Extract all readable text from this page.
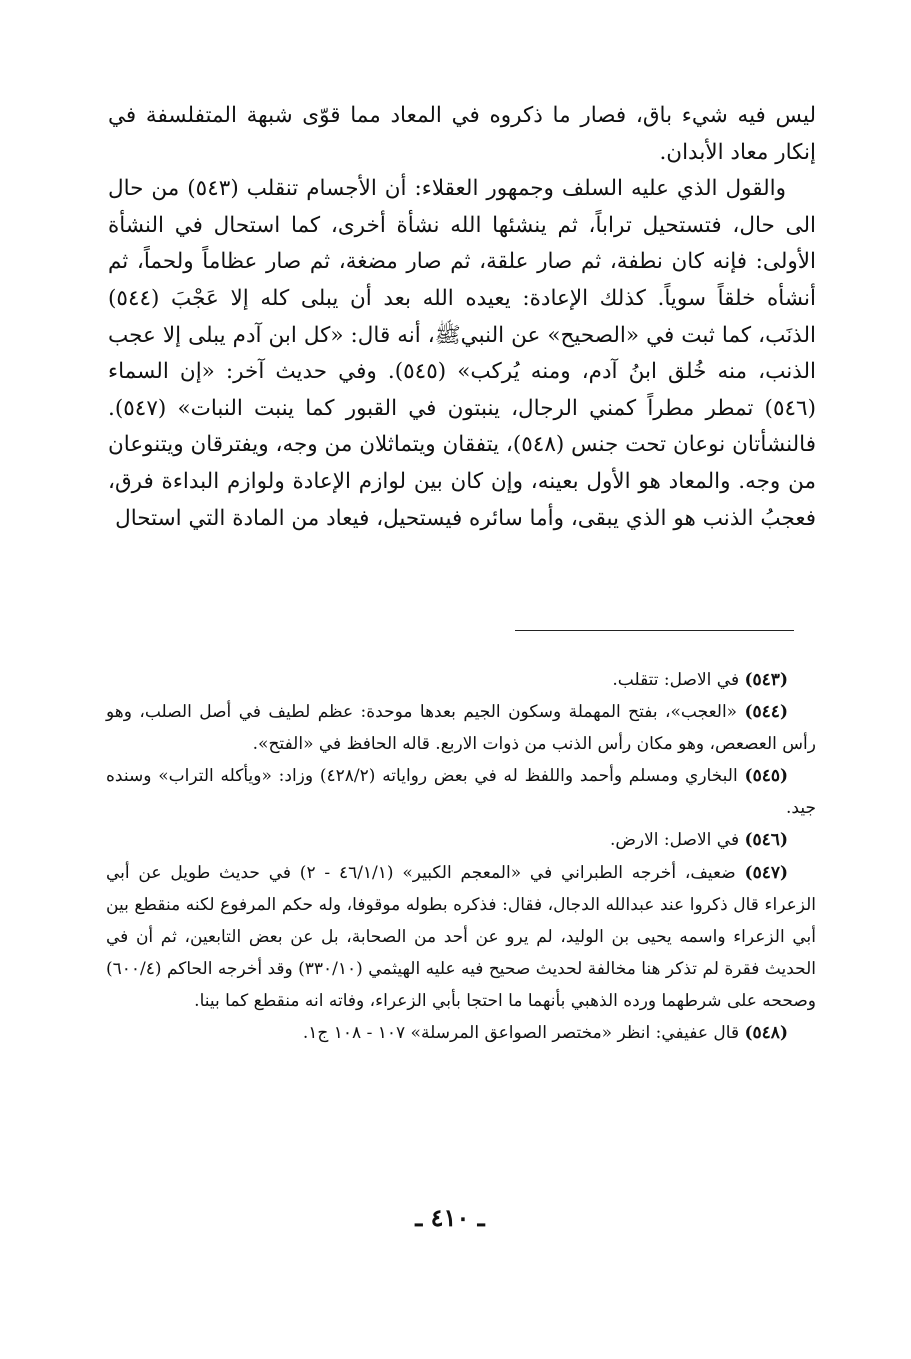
ليس فيه شيء باق، فصار ما ذكروه في المعاد مما قوّى شبهة المتفلسفة في إنكار معاد الأبدان.

والقول الذي عليه السلف وجمهور العقلاء: أن الأجسام تنقلب (٥٤٣) من حال الى حال، فتستحيل تراباً، ثم ينشئها الله نشأة أخرى، كما استحال في النشأة الأولى: فإنه كان نطفة، ثم صار علقة، ثم صار مضغة، ثم صار عظاماً ولحماً، ثم أنشأه خلقاً سوياً. كذلك الإعادة: يعيده الله بعد أن يبلى كله إلا عَجْبَ (٥٤٤) الذنَب، كما ثبت في «الصحيح» عن النبيﷺ، أنه قال: «كل ابن آدم يبلى إلا عجب الذنب، منه خُلق ابنُ آدم، ومنه يُركب» (٥٤٥). وفي حديث آخر: «إن السماء (٥٤٦) تمطر مطراً كمني الرجال، ينبتون في القبور كما ينبت النبات» (٥٤٧). فالنشأتان نوعان تحت جنس (٥٤٨)، يتفقان ويتماثلان من وجه، ويفترقان ويتنوعان من وجه. والمعاد هو الأول بعينه، وإن كان بين لوازم الإعادة ولوازم البداءة فرق، فعجبُ الذنب هو الذي يبقى، وأما سائره فيستحيل، فيعاد من المادة التي استحال

(٥٤٣) في الاصل: تتقلب.

(٥٤٤) «العجب»، بفتح المهملة وسكون الجيم بعدها موحدة: عظم لطيف في أصل الصلب، وهو رأس العصعص، وهو مكان رأس الذنب من ذوات الاربع. قاله الحافظ في «الفتح».

(٥٤٥) البخاري ومسلم وأحمد واللفظ له في بعض رواياته (٤٢٨/٢) وزاد: «ويأكله التراب» وسنده جيد.

(٥٤٦) في الاصل: الارض.

(٥٤٧) ضعيف، أخرجه الطبراني في «المعجم الكبير» (٤٦/١/١ - ٢) في حديث طويل عن أبي الزعراء قال ذكروا عند عبدالله الدجال، فقال: فذكره بطوله موقوفا، وله حكم المرفوع لكنه منقطع بين أبي الزعراء واسمه يحيى بن الوليد، لم يرو عن أحد من الصحابة، بل عن بعض التابعين، ثم أن في الحديث فقرة لم تذكر هنا مخالفة لحديث صحيح فيه عليه الهيثمي (٣٣٠/١٠) وقد أخرجه الحاكم (٦٠٠/٤) وصححه على شرطهما ورده الذهبي بأنهما ما احتجا بأبي الزعراء، وفاته انه منقطع كما بينا.

(٥٤٨) قال عفيفي: انظر «مختصر الصواعق المرسلة» ١٠٧ - ١٠٨ ج١.

ـ ٤١٠ ـ
